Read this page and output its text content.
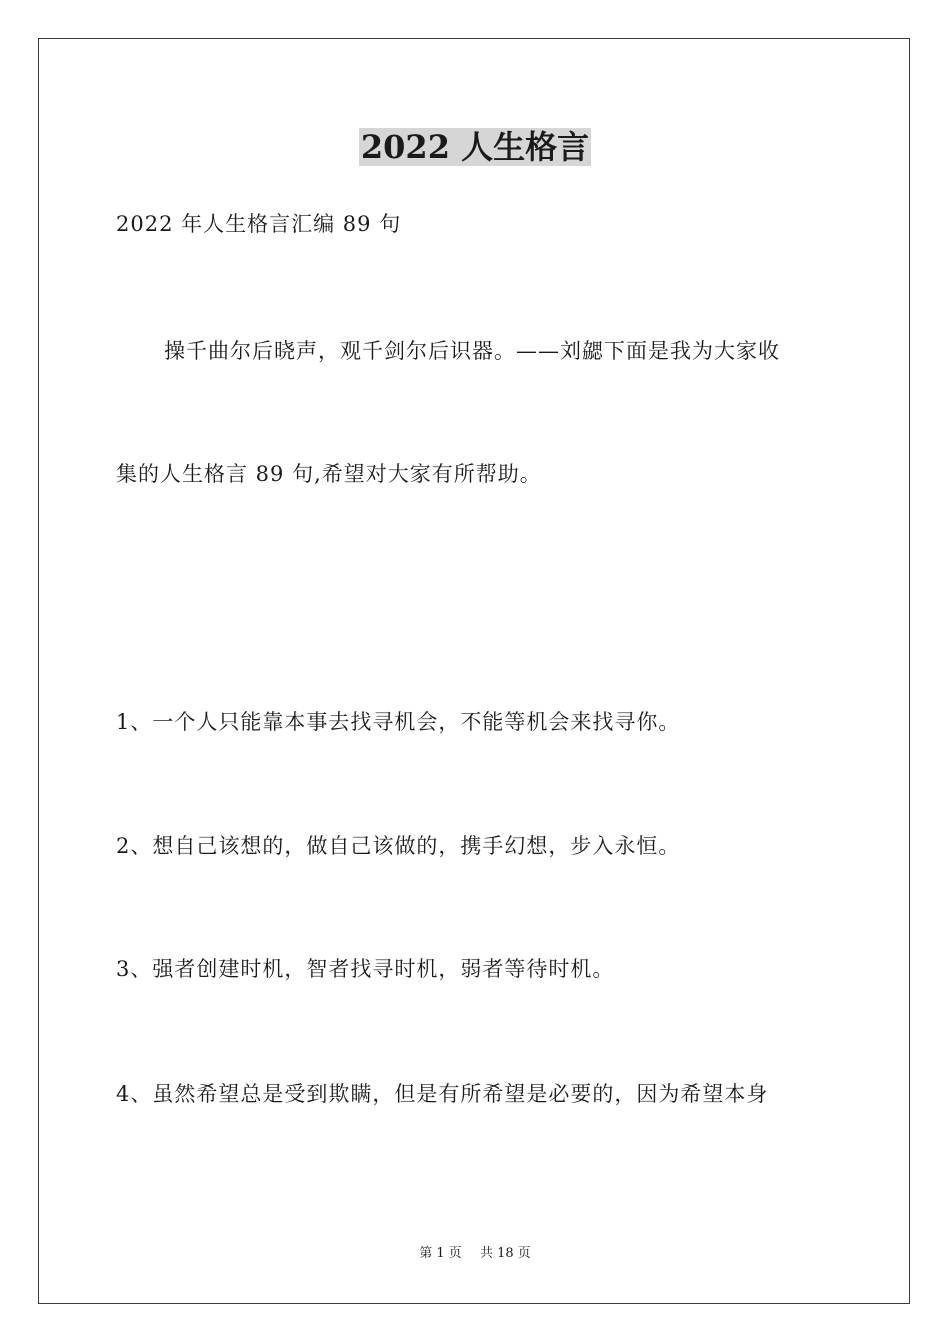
2022 人生格言
2022 年人生格言汇编 89 句
操千曲尔后晓声，观千剑尔后识器。——刘勰下面是我为大家收
集的人生格言 89 句,希望对大家有所帮助。
1、一个人只能靠本事去找寻机会，不能等机会来找寻你。
2、想自己该想的，做自己该做的，携手幻想，步入永恒。
3、强者创建时机，智者找寻时机，弱者等待时机。
4、虽然希望总是受到欺瞒，但是有所希望是必要的，因为希望本身
第 1 页 共 18 页
